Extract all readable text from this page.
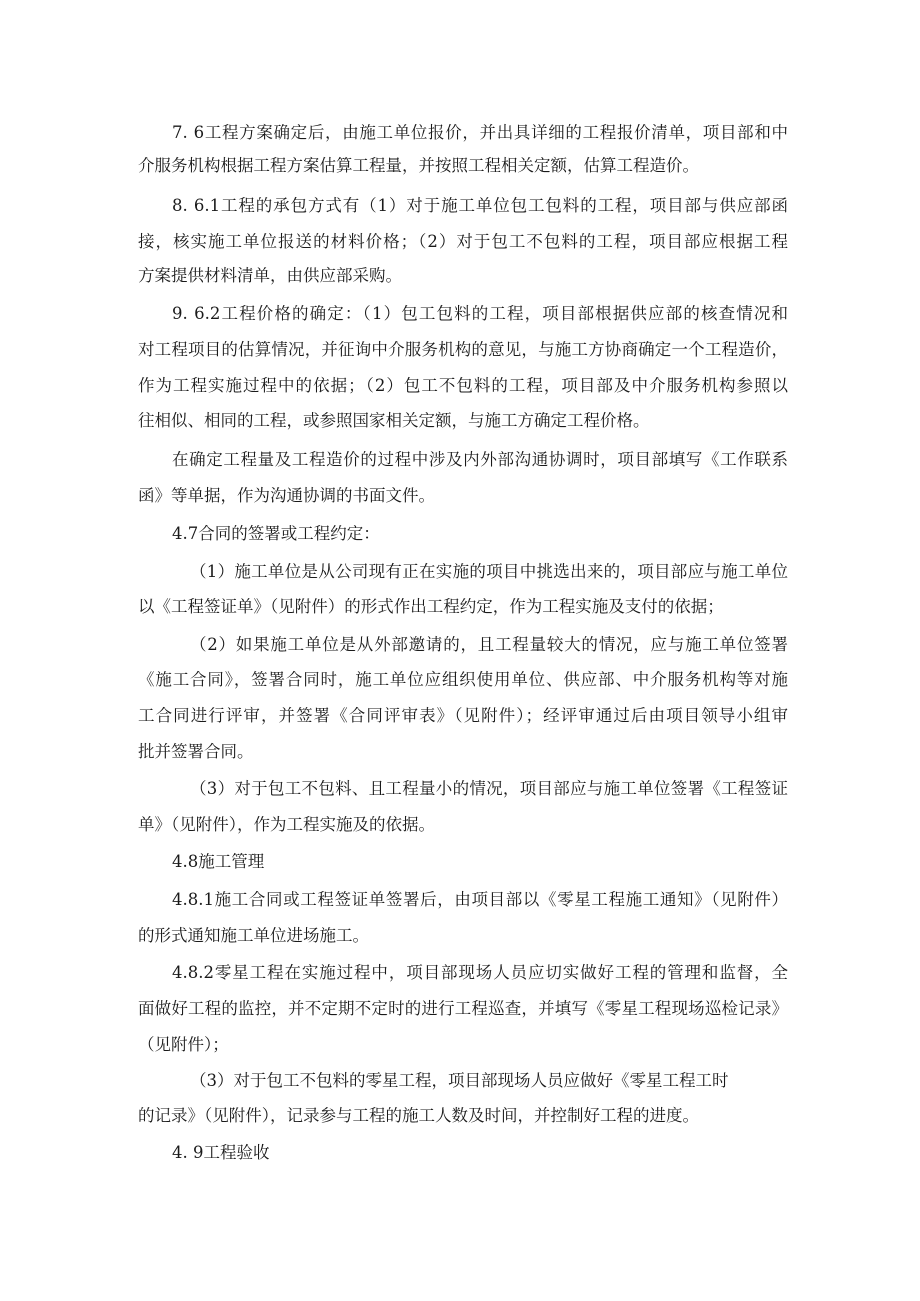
7. 6工程方案确定后，由施工单位报价，并出具详细的工程报价清单，项目部和中
介服务机构根据工程方案估算工程量，并按照工程相关定额，估算工程造价。
8. 6.1工程的承包方式有（1）对于施工单位包工包料的工程，项目部与供应部函
接，核实施工单位报送的材料价格；（2）对于包工不包料的工程，项目部应根据工程
方案提供材料清单，由供应部采购。
9. 6.2工程价格的确定：（1）包工包料的工程，项目部根据供应部的核查情况和
对工程项目的估算情况，并征询中介服务机构的意见，与施工方协商确定一个工程造价，
作为工程实施过程中的依据；（2）包工不包料的工程，项目部及中介服务机构参照以
往相似、相同的工程，或参照国家相关定额，与施工方确定工程价格。
在确定工程量及工程造价的过程中涉及内外部沟通协调时，项目部填写《工作联系
函》等单据，作为沟通协调的书面文件。
4.7合同的签署或工程约定：
（1）施工单位是从公司现有正在实施的项目中挑选出来的，项目部应与施工单位
以《工程签证单》（见附件）的形式作出工程约定，作为工程实施及支付的依据；
（2）如果施工单位是从外部邀请的，且工程量较大的情况，应与施工单位签署
《施工合同》，签署合同时，施工单位应组织使用单位、供应部、中介服务机构等对施
工合同进行评审，并签署《合同评审表》（见附件）；经评审通过后由项目领导小组审
批并签署合同。
（3）对于包工不包料、且工程量小的情况，项目部应与施工单位签署《工程签证
单》（见附件），作为工程实施及的依据。
4.8施工管理
4.8.1施工合同或工程签证单签署后，由项目部以《零星工程施工通知》（见附件）
的形式通知施工单位进场施工。
4.8.2零星工程在实施过程中，项目部现场人员应切实做好工程的管理和监督，全
面做好工程的监控，并不定期不定时的进行工程巡查，并填写《零星工程现场巡检记录》
（见附件）；
（3）对于包工不包料的零星工程，项目部现场人员应做好《零星工程工时
的记录》（见附件），记录参与工程的施工人数及时间，并控制好工程的进度。
4. 9工程验收
